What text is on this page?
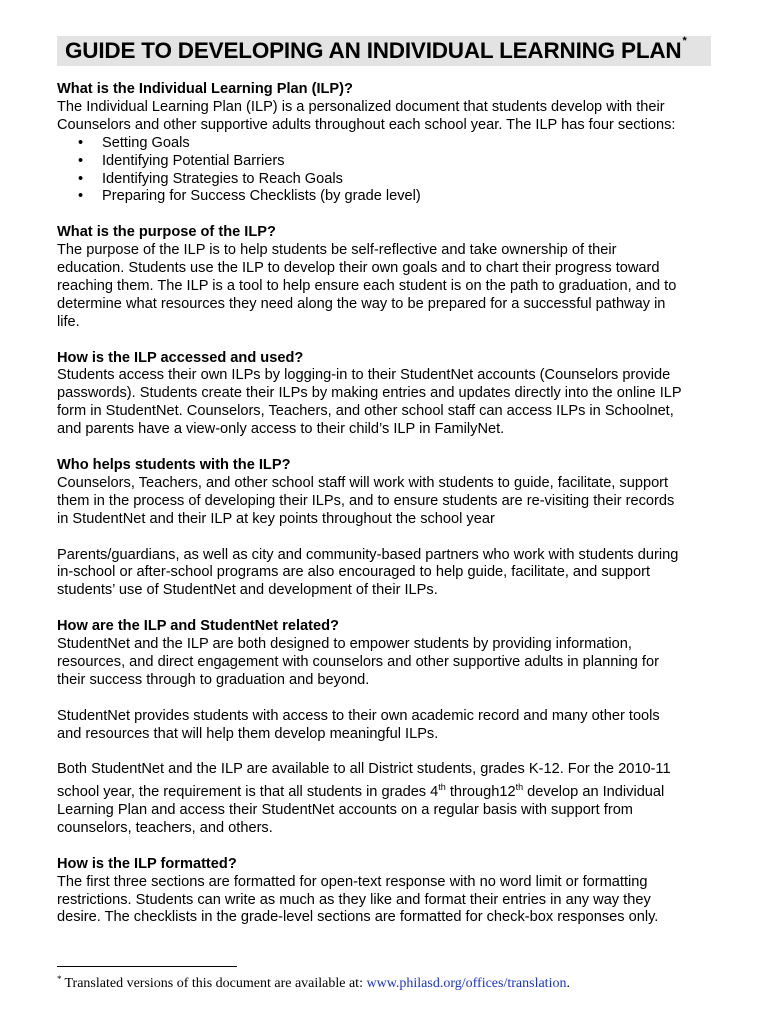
GUIDE TO DEVELOPING AN INDIVIDUAL LEARNING PLAN*
What is the Individual Learning Plan (ILP)?
The Individual Learning Plan (ILP) is a personalized document that students develop with their
Counselors and other supportive adults throughout each school year. The ILP has four sections:
• Setting Goals
• Identifying Potential Barriers
• Identifying Strategies to Reach Goals
• Preparing for Success Checklists (by grade level)
What is the purpose of the ILP?
The purpose of the ILP is to help students be self-reflective and take ownership of their
education. Students use the ILP to develop their own goals and to chart their progress toward
reaching them. The ILP is a tool to help ensure each student is on the path to graduation, and to
determine what resources they need along the way to be prepared for a successful pathway in
life.
How is the ILP accessed and used?
Students access their own ILPs by logging-in to their StudentNet accounts (Counselors provide
passwords). Students create their ILPs by making entries and updates directly into the online ILP
form in StudentNet. Counselors, Teachers, and other school staff can access ILPs in Schoolnet,
and parents have a view-only access to their child’s ILP in FamilyNet.
Who helps students with the ILP?
Counselors, Teachers, and other school staff will work with students to guide, facilitate, support
them in the process of developing their ILPs, and to ensure students are re-visiting their records
in StudentNet and their ILP at key points throughout the school year
Parents/guardians, as well as city and community-based partners who work with students during
in-school or after-school programs are also encouraged to help guide, facilitate, and support
students’ use of StudentNet and development of their ILPs.
How are the ILP and StudentNet related?
StudentNet and the ILP are both designed to empower students by providing information,
resources, and direct engagement with counselors and other supportive adults in planning for
their success through to graduation and beyond.
StudentNet provides students with access to their own academic record and many other tools
and resources that will help them develop meaningful ILPs.
Both StudentNet and the ILP are available to all District students, grades K-12. For the 2010-11
school year, the requirement is that all students in grades 4th through12th develop an Individual
Learning Plan and access their StudentNet accounts on a regular basis with support from
counselors, teachers, and others.
How is the ILP formatted?
The first three sections are formatted for open-text response with no word limit or formatting
restrictions. Students can write as much as they like and format their entries in any way they
desire. The checklists in the grade-level sections are formatted for check-box responses only.
* Translated versions of this document are available at: www.philasd.org/offices/translation.
